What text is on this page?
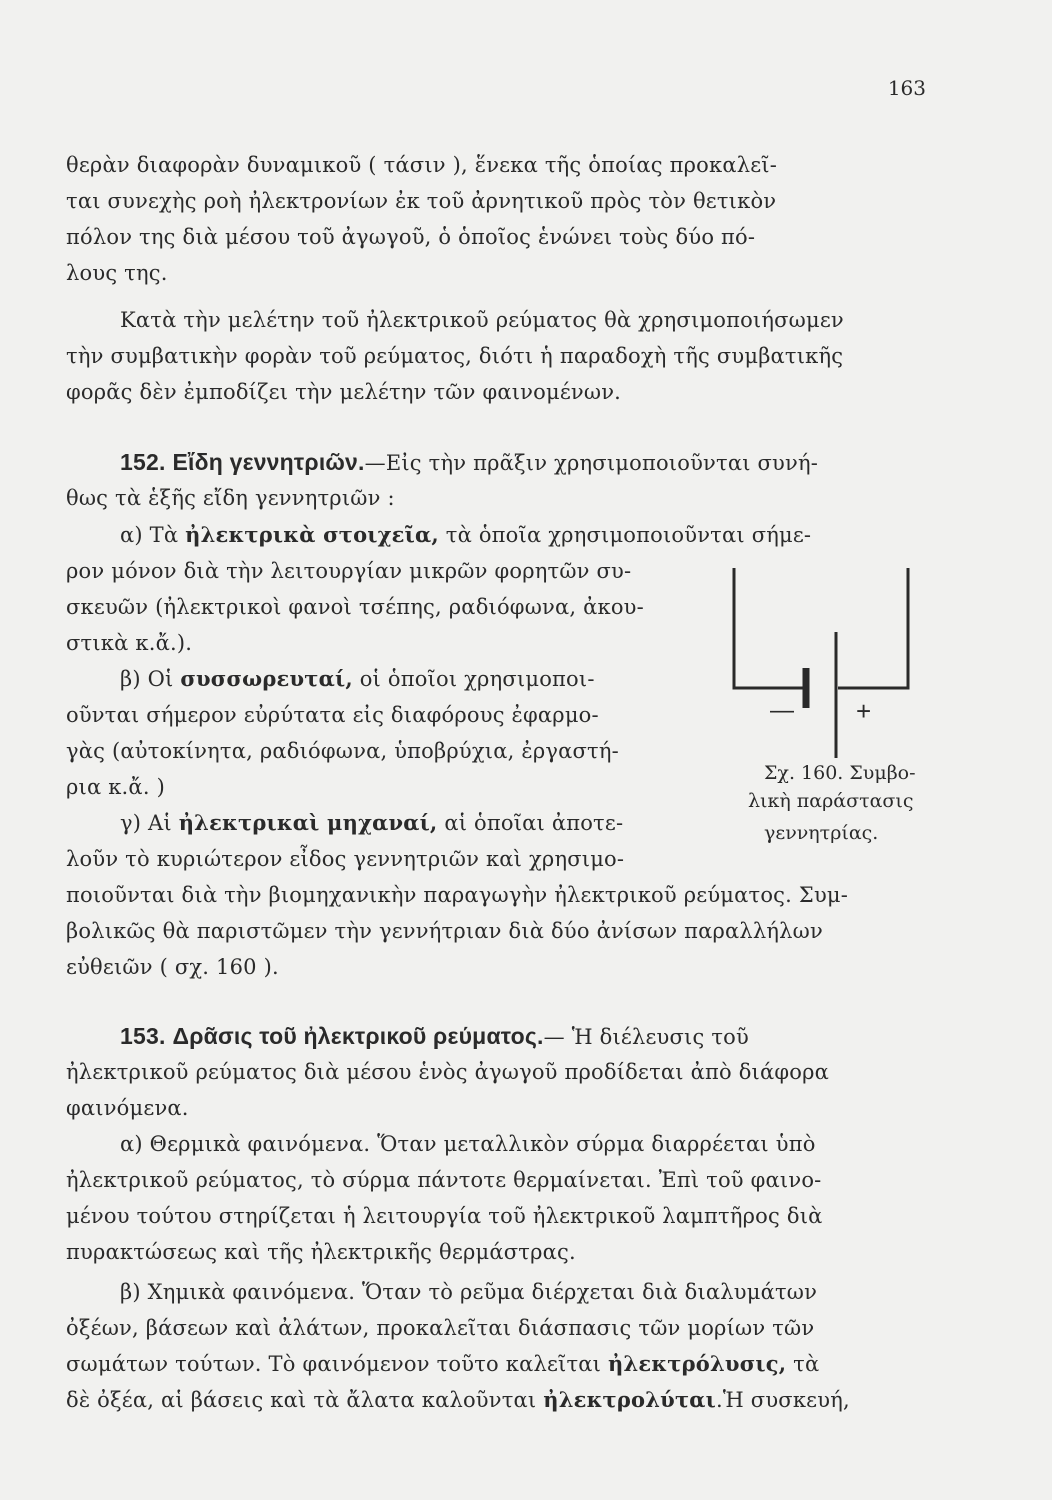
163
θερὰν διαφορὰν δυναμικοῦ ( τάσιν ), ἕνεκα τῆς ὁποίας προκαλεῖ-
ται συνεχὴς ροὴ ἠλεκτρονίων ἐκ τοῦ ἀρνητικοῦ πρὸς τὸν θετικὸν
πόλον της διὰ μέσου τοῦ ἀγωγοῦ, ὁ ὁποῖος ἑνώνει τοὺς δύο πό-
λους της.
Κατὰ τὴν μελέτην τοῦ ἠλεκτρικοῦ ρεύματος θὰ χρησιμοποιήσωμεν
τὴν συμβατικὴν φορὰν τοῦ ρεύματος, διότι ἡ παραδοχὴ τῆς συμβατικῆς
φορᾶς δὲν ἐμποδίζει τὴν μελέτην τῶν φαινομένων.
152. Εἴδη γεννητριῶν.—Εἰς τὴν πρᾶξιν χρησιμοποιοῦνται συνή-
θως τὰ ἑξῆς εἴδη γεννητριῶν :
α) Τὰ ἠλεκτρικὰ στοιχεῖα, τὰ ὁποῖα χρησιμοποιοῦνται σήμε-
ρον μόνον διὰ τὴν λειτουργίαν μικρῶν φορητῶν συ-
σκευῶν (ἠλεκτρικοὶ φανοὶ τσέπης, ραδιόφωνα, ἀκου-
στικὰ κ.ἄ.).
β) Οἱ συσσωρευταί, οἱ ὁποῖοι χρησιμοποι-
οῦνται σήμερον εὐρύτατα εἰς διαφόρους ἐφαρμο-
γὰς (αὐτοκίνητα, ραδιόφωνα, ὑποβρύχια, ἐργαστή-
ρια κ.ἄ. )
γ) Αἱ ἠλεκτρικαὶ μηχαναί, αἱ ὁποῖαι ἀποτε-
λοῦν τὸ κυριώτερον εἶδος γεννητριῶν καὶ χρησιμο-
ποιοῦνται διὰ τὴν βιομηχανικὴν παραγωγὴν ἠλεκτρικοῦ ρεύματος. Συμ-
βολικῶς θὰ παριστῶμεν τὴν γεννήτριαν διὰ δύο ἀνίσων παραλλήλων
εὐθειῶν ( σχ. 160 ).
— +
Σχ. 160. Συμβο-
λικὴ παράστασις
γεννητρίας.
153. Δρᾶσις τοῦ ἠλεκτρικοῦ ρεύματος.— Ἡ διέλευσις τοῦ
ἠλεκτρικοῦ ρεύματος διὰ μέσου ἑνὸς ἀγωγοῦ προδίδεται ἀπὸ διάφορα
φαινόμενα.
α) Θερμικὰ φαινόμενα. Ὅταν μεταλλικὸν σύρμα διαρρέεται ὑπὸ
ἠλεκτρικοῦ ρεύματος, τὸ σύρμα πάντοτε θερμαίνεται. Ἐπὶ τοῦ φαινο-
μένου τούτου στηρίζεται ἡ λειτουργία τοῦ ἠλεκτρικοῦ λαμπτῆρος διὰ
πυρακτώσεως καὶ τῆς ἠλεκτρικῆς θερμάστρας.
β) Χημικὰ φαινόμενα. Ὅταν τὸ ρεῦμα διέρχεται διὰ διαλυμάτων
ὀξέων, βάσεων καὶ ἀλάτων, προκαλεῖται διάσπασις τῶν μορίων τῶν
σωμάτων τούτων. Τὸ φαινόμενον τοῦτο καλεῖται ἠλεκτρόλυσις, τὰ
δὲ ὀξέα, αἱ βάσεις καὶ τὰ ἄλατα καλοῦνται ἠλεκτρολύται.Ἡ συσκευή,
